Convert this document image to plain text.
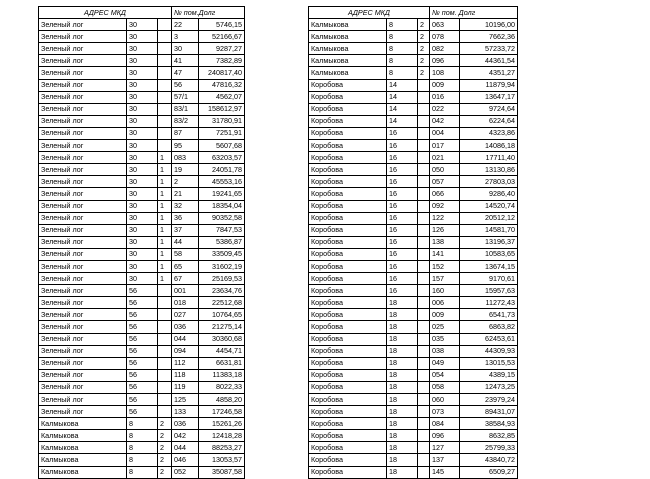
АДРЕС МКД			№ пом.Долг	
Зеленый лог	30		22	5746,15
Зеленый лог	30		3	52166,67
Зеленый лог	30		30	9287,27
Зеленый лог	30		41	7382,89
Зеленый лог	30		47	240817,40
Зеленый лог	30		56	47816,32
Зеленый лог	30		57/1	4562,07
Зеленый лог	30		83/1	158612,97
Зеленый лог	30		83/2	31780,91
Зеленый лог	30		87	7251,91
Зеленый лог	30		95	5607,68
Зеленый лог	30	1	083	63203,57
Зеленый лог	30	1	19	24051,78
Зеленый лог	30	1	2	45553,16
Зеленый лог	30	1	21	19241,65
Зеленый лог	30	1	32	18354,04
Зеленый лог	30	1	36	90352,58
Зеленый лог	30	1	37	7847,53
Зеленый лог	30	1	44	5386,87
Зеленый лог	30	1	58	33509,45
Зеленый лог	30	1	65	31602,19
Зеленый лог	30	1	67	25169,53
Зеленый лог	56		001	23634,76
Зеленый лог	56		018	22512,68
Зеленый лог	56		027	10764,65
Зеленый лог	56		036	21275,14
Зеленый лог	56		044	30360,68
Зеленый лог	56		094	4454,71
Зеленый лог	56		112	6631,81
Зеленый лог	56		118	11383,18
Зеленый лог	56		119	8022,33
Зеленый лог	56		125	4858,20
Зеленый лог	56		133	17246,58
Калмыкова	8	2	036	15261,26
Калмыкова	8	2	042	12418,28
Калмыкова	8	2	044	88253,27
Калмыкова	8	2	046	13053,57
Калмыкова	8	2	052	35087,58
АДРЕС МКД			№ пом. Долг	
Калмыкова	8	2	063	10196,00
Калмыкова	8	2	078	7662,36
Калмыкова	8	2	082	57233,72
Калмыкова	8	2	096	44361,54
Калмыкова	8	2	108	4351,27
Коробова	14		009	11879,94
Коробова	14		016	13647,17
Коробова	14		022	9724,64
Коробова	14		042	6224,64
Коробова	16		004	4323,86
Коробова	16		017	14086,18
Коробова	16		021	17711,40
Коробова	16		050	13130,86
Коробова	16		057	27803,03
Коробова	16		066	9286,40
Коробова	16		092	14520,74
Коробова	16		122	20512,12
Коробова	16		126	14581,70
Коробова	16		138	13196,37
Коробова	16		141	10583,65
Коробова	16		152	13674,15
Коробова	16		157	9170,61
Коробова	16		160	15957,63
Коробова	18		006	11272,43
Коробова	18		009	6541,73
Коробова	18		025	6863,82
Коробова	18		035	62453,61
Коробова	18		038	44309,93
Коробова	18		049	13015,53
Коробова	18		054	4389,15
Коробова	18		058	12473,25
Коробова	18		060	23979,24
Коробова	18		073	89431,07
Коробова	18		084	38584,93
Коробова	18		096	8632,85
Коробова	18		127	25799,33
Коробова	18		137	43840,72
Коробова	18		145	6509,27
